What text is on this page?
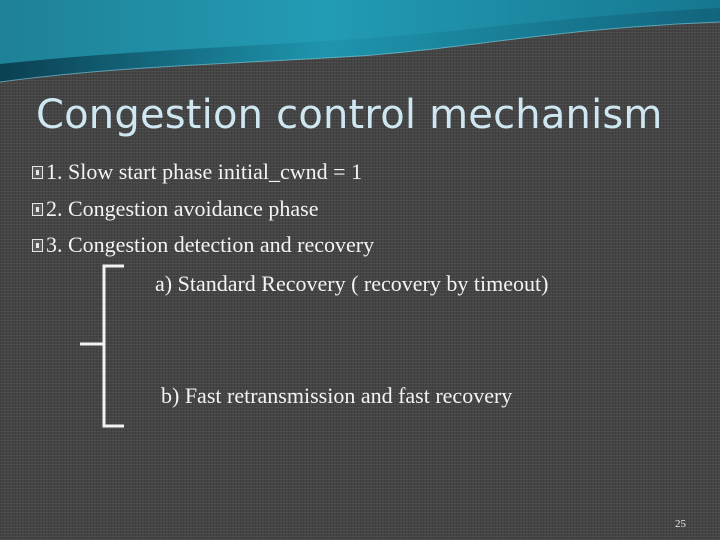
Congestion control mechanism
1. Slow start phase initial_cwnd = 1
2. Congestion avoidance phase
3. Congestion detection and recovery
a) Standard Recovery ( recovery by timeout)
b) Fast retransmission and fast recovery
25
